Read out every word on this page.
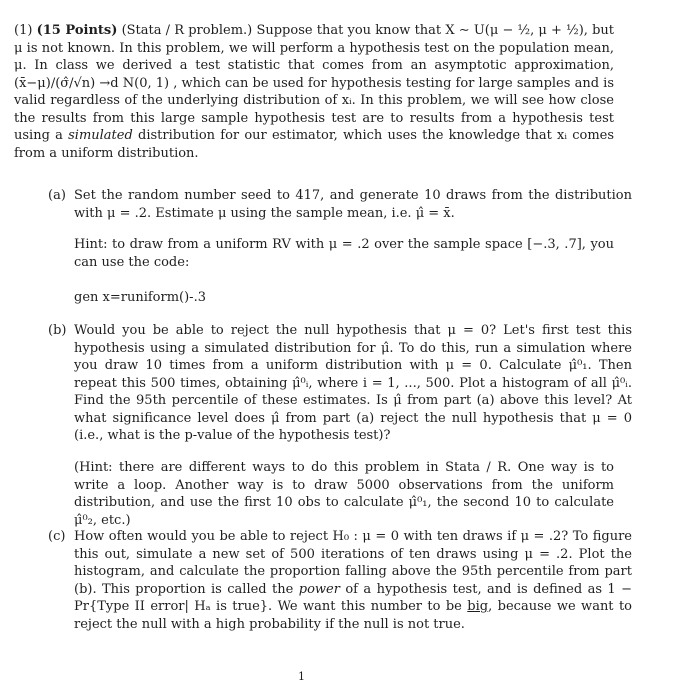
(1) (15 Points) (Stata / R problem.) Suppose that you know that X ∼ U(μ − ½, μ + ½), but μ is not known. In this problem, we will perform a hypothesis test on the population mean, μ. In class we derived a test statistic that comes from an asymptotic approximation, (x̄−μ)/(σ̂/√n) →d N(0, 1) , which can be used for hypothesis testing for large samples and is valid regardless of the underlying distribution of xᵢ. In this problem, we will see how close the results from this large sample hypothesis test are to results from a hypothesis test using a simulated distribution for our estimator, which uses the knowledge that xᵢ comes from a uniform distribution.
(a) Set the random number seed to 417, and generate 10 draws from the distribution with μ = .2. Estimate μ using the sample mean, i.e. μ̂ = x̄.
Hint: to draw from a uniform RV with μ = .2 over the sample space [−.3, .7], you can use the code:
gen x=runiform()-.3
(b) Would you be able to reject the null hypothesis that μ = 0? Let's first test this hypothesis using a simulated distribution for μ̂. To do this, run a simulation where you draw 10 times from a uniform distribution with μ = 0. Calculate μ̂⁰₁. Then repeat this 500 times, obtaining μ̂⁰ᵢ, where i = 1, ..., 500. Plot a histogram of all μ̂⁰ᵢ. Find the 95th percentile of these estimates. Is μ̂ from part (a) above this level? At what significance level does μ̂ from part (a) reject the null hypothesis that μ = 0 (i.e., what is the p-value of the hypothesis test)?
(Hint: there are different ways to do this problem in Stata / R. One way is to write a loop. Another way is to draw 5000 observations from the uniform distribution, and use the first 10 obs to calculate μ̂⁰₁, the second 10 to calculate μ̂⁰₂, etc.)
(c) How often would you be able to reject H₀ : μ = 0 with ten draws if μ = .2? To figure this out, simulate a new set of 500 iterations of ten draws using μ = .2. Plot the histogram, and calculate the proportion falling above the 95th percentile from part (b). This proportion is called the power of a hypothesis test, and is defined as 1 − Pr{Type II error| Hₐ is true}. We want this number to be big, because we want to reject the null with a high probability if the null is not true.
1
